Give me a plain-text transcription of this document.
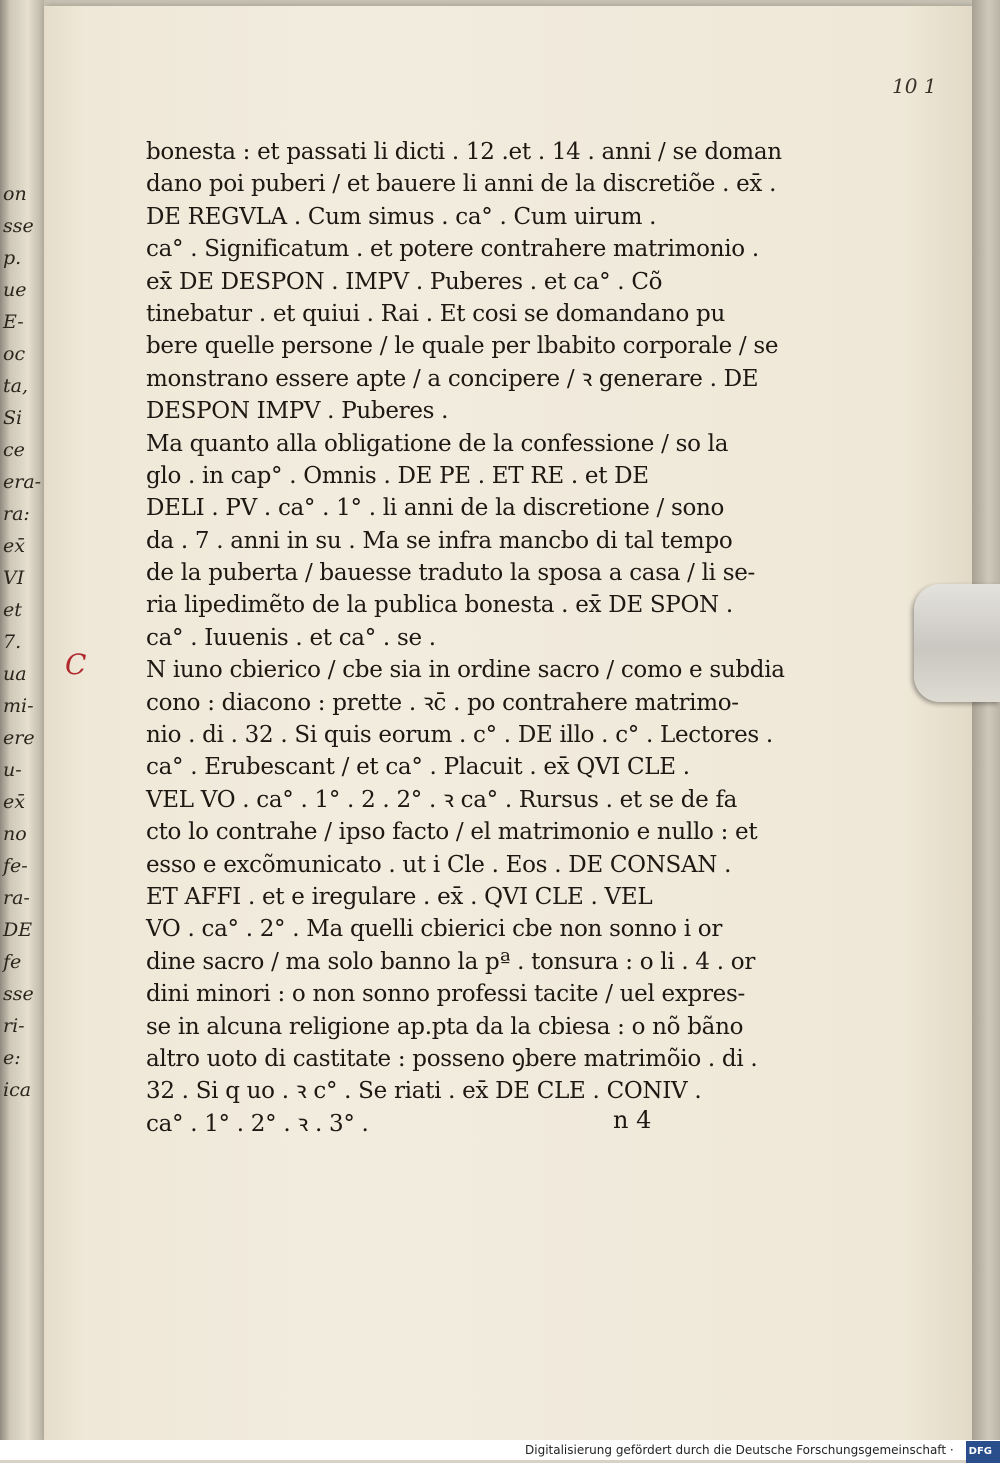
on
sse
p.
ue
E-
oc
ta,
Si
ce
era-
ra:
ex̄
VI
et
7.
ua
mi-
ere
u-
ex̄
no
fe-
ra-
DE
fe
sse
ri-
e:
ica
10 1
C
bonesta : et passati li dicti . 12 .et . 14 . anni / se doman
dano poi puberi / et bauere li anni de la discretiõe . ex̄ .
DE REGVLA . Cum simus . ca° . Cum uirum .
ca° . Significatum . et potere contrahere matrimonio .
ex̄ DE DESPON . IMPV . Puberes . et ca° . Cõ
tinebatur . et quiui . Rai . Et cosi se domandano pu
bere quelle persone / le quale per lbabito corporale / se
monstrano essere apte / a concipere / ꝛ generare . DE
DESPON IMPV . Puberes .
Ma quanto alla obligatione de la confessione / so la
glo . in cap° . Omnis . DE PE . ET RE . et DE
DELI . PV . ca° . 1° . li anni de la discretione / sono
da . 7 . anni in su . Ma se infra mancbo di tal tempo
de la puberta / bauesse traduto la sposa a casa / li se-
ria lipedimẽto de la publica bonesta . ex̄ DE SPON .
ca° . Iuuenis . et ca° . se .
N iuno cbierico / cbe sia in ordine sacro / como e subdia
cono : diacono : prette . ꝛc̄ . po contrahere matrimo-
nio . di . 32 . Si quis eorum . c° . DE illo . c° . Lectores .
ca° . Erubescant / et ca° . Placuit . ex̄ QVI CLE .
VEL VO . ca° . 1° . 2 . 2° . ꝛ ca° . Rursus . et se de fa
cto lo contrahe / ipso facto / el matrimonio e nullo : et
esso e excõmunicato . ut i Cle . Eos . DE CONSAN .
ET AFFI . et e iregulare . ex̄ . QVI CLE . VEL
VO . ca° . 2° . Ma quelli cbierici cbe non sonno i or
dine sacro / ma solo banno la pª . tonsura : o li . 4 . or
dini minori : o non sonno professi tacite / uel expres-
se in alcuna religione ap.pta da la cbiesa : o nõ bãno
altro uoto di castitate : posseno ꝯbere matrimõio . di .
32 . Si q uo . ꝛ c° . Se riati . ex̄ DE CLE . CONIV .
ca° . 1° . 2° . ꝛ . 3° .	n 4
Digitalisierung gefördert durch die Deutsche Forschungsgemeinschaft · DFG
